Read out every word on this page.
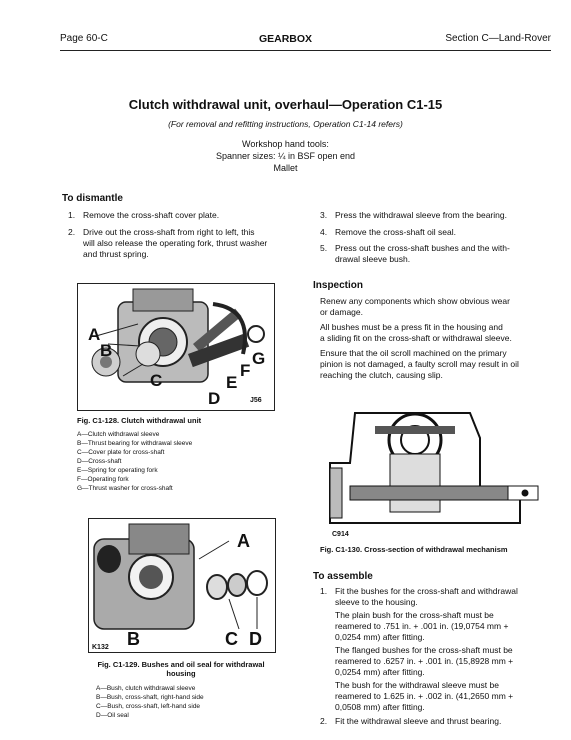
Page 60-C	GEARBOX	Section C—Land-Rover
Clutch withdrawal unit, overhaul—Operation C1-15
(For removal and refitting instructions, Operation C1-14 refers)
Workshop hand tools:
Spanner sizes: ¼ in BSF open end
Mallet
To dismantle
1. Remove the cross-shaft cover plate.
2. Drive out the cross-shaft from right to left, this
will also release the operating fork, thrust washer
and thrust spring.
3. Press the withdrawal sleeve from the bearing.
4. Remove the cross-shaft oil seal.
5. Press out the cross-shaft bushes and the with-
drawal sleeve bush.
A
B
C
D
E
F
G
J56
Fig. C1-128. Clutch withdrawal unit
A—Clutch withdrawal sleeve
B—Thrust bearing for withdrawal sleeve
C—Cover plate for cross-shaft
D—Cross-shaft
E—Spring for operating fork
F—Operating fork
G—Thrust washer for cross-shaft
A
B	C D
K132
Fig. C1-129. Bushes and oil seal for withdrawal
housing
A—Bush, clutch withdrawal sleeve
B—Bush, cross-shaft, right-hand side
C—Bush, cross-shaft, left-hand side
D—Oil seal
Inspection
Renew any components which show obvious wear
or damage.
All bushes must be a press fit in the housing and
a sliding fit on the cross-shaft or withdrawal sleeve.
Ensure that the oil scroll machined on the primary
pinion is not damaged, a faulty scroll may result in oil
reaching the clutch, causing slip.
C914
Fig. C1-130. Cross-section of withdrawal mechanism
To assemble
1. Fit the bushes for the cross-shaft and withdrawal
sleeve to the housing.
The plain bush for the cross-shaft must be
reamered to .751 in. + .001 in. (19,0754 mm +
0,0254 mm) after fitting.
The flanged bushes for the cross-shaft must be
reamered to .6257 in. + .001 in. (15,8928 mm +
0,0254 mm) after fitting.
The bush for the withdrawal sleeve must be
reamered to 1.625 in. + .002 in. (41,2650 mm +
0,0508 mm) after fitting.
2. Fit the withdrawal sleeve and thrust bearing.
